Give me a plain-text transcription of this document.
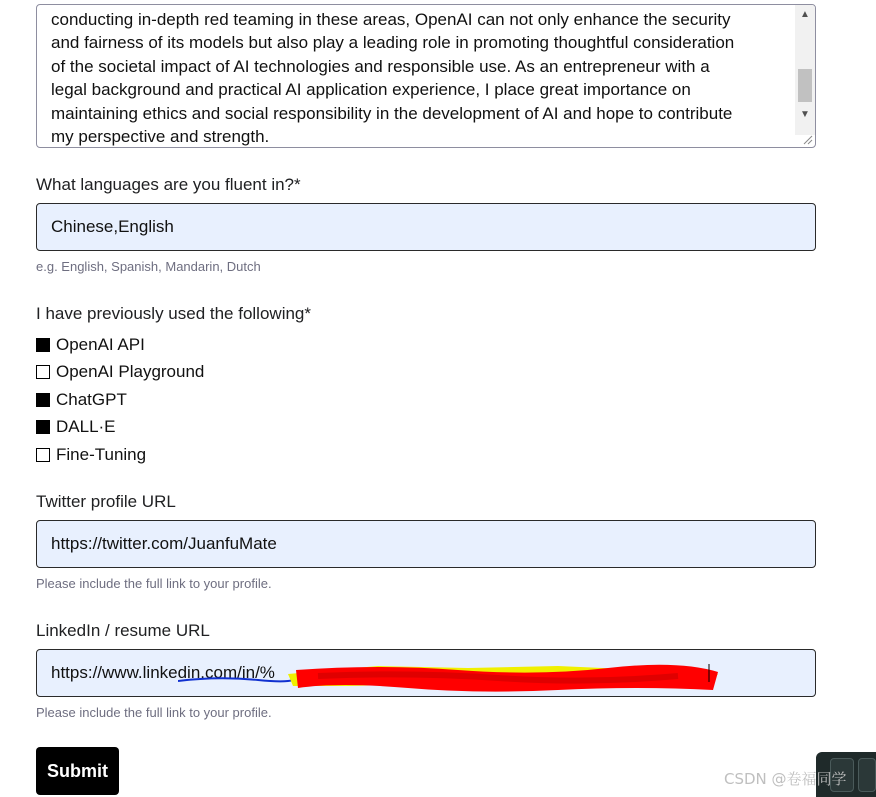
conducting in-depth red teaming in these areas, OpenAI can not only enhance the security
and fairness of its models but also play a leading role in promoting thoughtful consideration
of the societal impact of AI technologies and responsible use. As an entrepreneur with a
legal background and practical AI application experience, I place great importance on
maintaining ethics and social responsibility in the development of AI and hope to contribute
my perspective and strength.
▲
▼
What languages are you fluent in?*
Chinese,English
e.g. English, Spanish, Mandarin, Dutch
I have previously used the following*
OpenAI API
OpenAI Playground
ChatGPT
DALL·E
Fine-Tuning
Twitter profile URL
https://twitter.com/JuanfuMate
Please include the full link to your profile.
LinkedIn / resume URL
https://www.linkedin.com/in/%
Please include the full link to your profile.
Submit	CSDN @卷福同学
